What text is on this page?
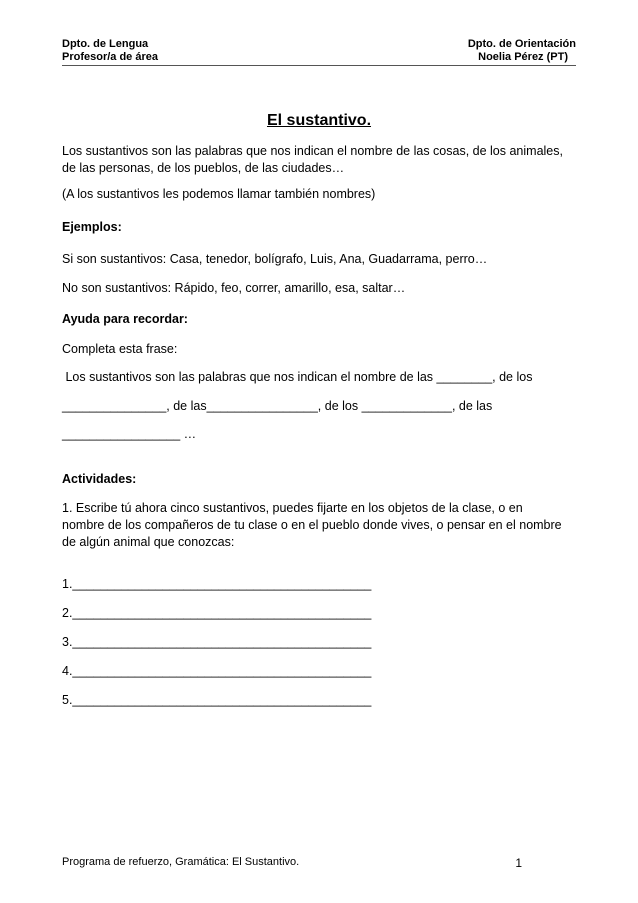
Dpto. de Lengua
Profesor/a de área
Dpto. de Orientación
Noelia Pérez (PT)
El sustantivo.
Los sustantivos son las palabras que nos indican el nombre de las cosas, de los animales,
de las personas, de los pueblos, de las ciudades…
(A los sustantivos les podemos llamar también nombres)
Ejemplos:
Si son sustantivos: Casa, tenedor, bolígrafo, Luis, Ana, Guadarrama, perro…
No son sustantivos: Rápido, feo, correr, amarillo, esa, saltar…
Ayuda para recordar:
Completa esta frase:
Los sustantivos son las palabras que nos indican el nombre de las ________, de los
_______________, de las________________, de los _____________, de las
_________________ …
Actividades:
1. Escribe tú ahora cinco sustantivos, puedes fijarte en los objetos de la clase, o en
nombre de los compañeros de tu clase o en el pueblo donde vives, o pensar en el nombre
de algún animal que conozcas:
1.___________________________________________
2.___________________________________________
3.___________________________________________
4.___________________________________________
5.___________________________________________
Programa de refuerzo, Gramática: El Sustantivo.	1
